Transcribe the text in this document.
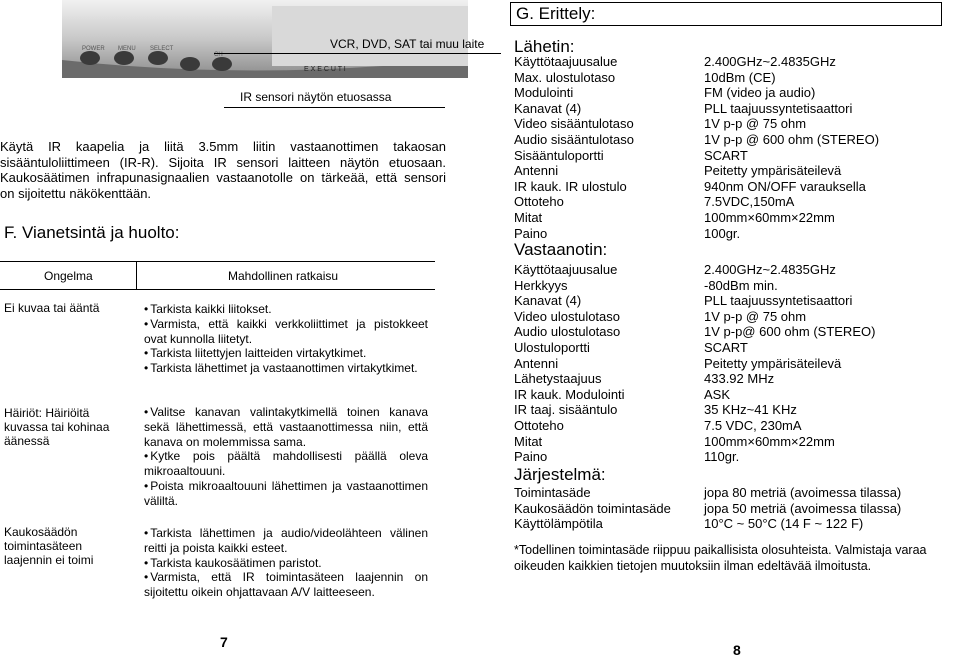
POWER MENU SELECT
CH
E X E C U T I
VCR, DVD, SAT tai muu laite
IR sensori näytön etuosassa
Käytä IR kaapelia ja liitä 3.5mm liitin vastaanottimen takaosan
sisääntuloliittimeen (IR-R). Sijoita IR sensori laitteen näytön etuosaan.
Kaukosäätimen infrapunasignaalien vastaanotolle on tärkeää, että sensori
on sijoitettu näkökenttään.
F. Vianetsintä ja huolto:
Ongelma	Mahdollinen ratkaisu
Ei kuvaa tai ääntä
•	Tarkista kaikki liitokset.
• Varmista, että kaikki verkkoliittimet ja pistokkeet ovat kunnolla liitetyt.
• Tarkista liitettyjen laitteiden virtakytkimet.
• Tarkista lähettimet ja vastaanottimen virtakytkimet.
Häiriöt: Häiriöitä kuvassa tai kohinaa äänessä
• Valitse kanavan valintakytkimellä toinen kanava sekä lähettimessä, että vastaanottimessa niin, että kanava on molemmissa sama.
• Kytke pois päältä mahdollisesti päällä oleva mikroaaltouuni.
• Poista mikroaaltouuni lähettimen ja vastaanottimen väliltä.
Kaukosäädön toimintasäteen laajennin ei toimi
• Tarkista lähettimen ja audio/videolähteen välinen reitti ja poista kaikki esteet.
• Tarkista kaukosäätimen paristot.
• Varmista, että IR toimintasäteen laajennin on sijoitettu oikein ohjattavaan A/V laitteeseen.
G. Erittely:
Lähetin:
Käyttötaajuusalue	2.400GHz~2.4835GHz
Max. ulostulotaso	10dBm (CE)
Modulointi	FM (video ja audio)
Kanavat (4)	PLL taajuussyntetisaattori
Video sisääntulotaso	1V p-p @ 75 ohm
Audio sisääntulotaso	1V p-p @ 600 ohm (STEREO)
Sisääntuloportti	SCART
Antenni	Peitetty ympärisäteilevä
IR kauk. IR ulostulo	940nm ON/OFF varauksella
Ottoteho	7.5VDC,150mA
Mitat	100mm×60mm×22mm
Paino	100gr.
Vastaanotin:
Käyttötaajuusalue	2.400GHz~2.4835GHz
Herkkyys	-80dBm min.
Kanavat (4)	PLL taajuussyntetisaattori
Video ulostulotaso	1V p-p @ 75 ohm
Audio ulostulotaso	1V p-p@ 600 ohm (STEREO)
Ulostuloportti	SCART
Antenni	Peitetty ympärisäteilevä
Lähetystaajuus	433.92 MHz
IR kauk. Modulointi	ASK
IR taaj. sisääntulo	35 KHz~41 KHz
Ottoteho	7.5 VDC, 230mA
Mitat	100mm×60mm×22mm
Paino	110gr.
Järjestelmä:
Toimintasäde	jopa 80 metriä (avoimessa tilassa)
Kaukosäädön toimintasäde	jopa 50 metriä (avoimessa tilassa)
Käyttölämpötila	10°C ~ 50°C (14 F ~ 122 F)
*Todellinen toimintasäde riippuu paikallisista olosuhteista. Valmistaja varaa oikeuden kaikkien tietojen muutoksiin ilman edeltävää ilmoitusta.
7	8
